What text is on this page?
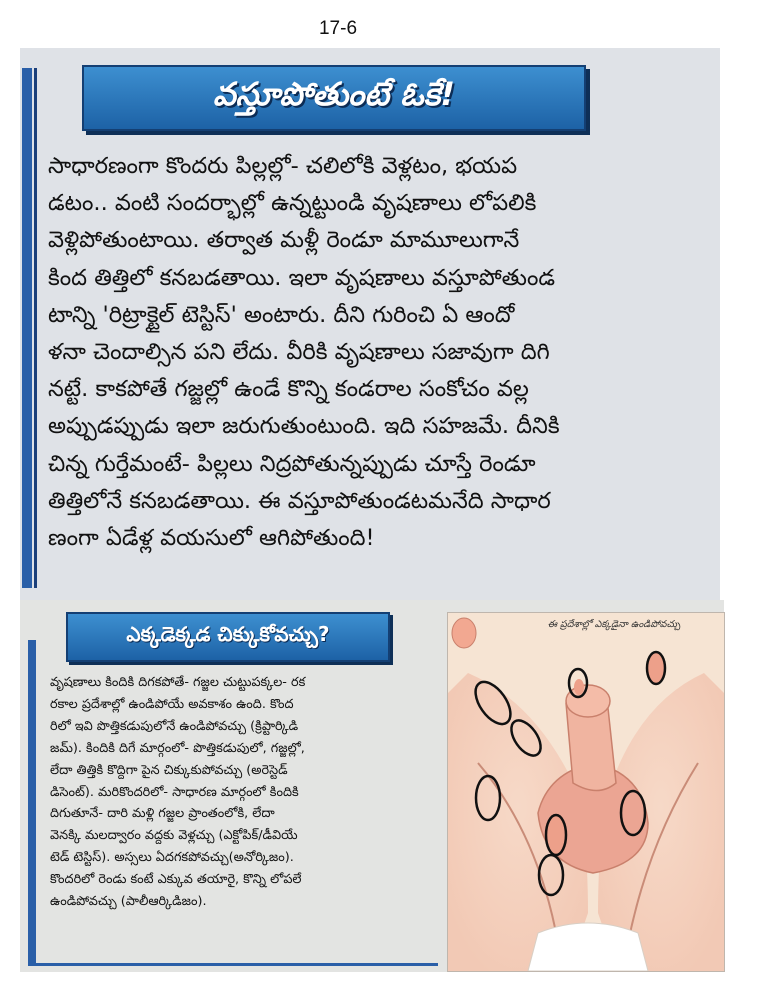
17-6
వస్తూపోతుంటే ఓకే!
సాధారణంగా కొందరు పిల్లల్లో- చలిలోకి వెళ్లటం, భయప
డటం.. వంటి సందర్భాల్లో ఉన్నట్టుండి వృషణాలు లోపలికి
వెళ్లిపోతుంటాయి. తర్వాత మళ్లీ రెండూ మామూలుగానే
కింద తిత్తిలో కనబడతాయి. ఇలా వృషణాలు వస్తూపోతుండ
టాన్ని 'రిట్రాక్టైల్ టెస్టిస్' అంటారు. దీని గురించి ఏ ఆందో
ళనా చెందాల్సిన పని లేదు. వీరికి వృషణాలు సజావుగా దిగి
నట్టే. కాకపోతే గజ్జల్లో ఉండే కొన్ని కండరాల సంకోచం వల్ల
అప్పుడప్పుడు ఇలా జరుగుతుంటుంది. ఇది సహజమే. దీనికి
చిన్న గుర్తేమంటే- పిల్లలు నిద్రపోతున్నప్పుడు చూస్తే రెండూ
తిత్తిలోనే కనబడతాయి. ఈ వస్తూపోతుండటమనేది సాధార
ణంగా ఏడేళ్ల వయసులో ఆగిపోతుంది!
ఎక్కడెక్కడ చిక్కుకోవచ్చు?
వృషణాలు కిందికి దిగకపోతే- గజ్జల చుట్టుపక్కల- రక
రకాల ప్రదేశాల్లో ఉండిపోయే అవకాశం ఉంది. కొంద
రిలో ఇవి పొత్తికడుపులోనే ఉండిపోవచ్చు (క్రిప్టార్కిడి
జమ్). కిందికి దిగే మార్గంలో- పొత్తికడుపులో, గజ్జల్లో,
లేదా తిత్తికి కొద్దిగా పైన చిక్కుకుపోవచ్చు (అరెస్టెడ్
డిసెంట్). మరికొందరిలో- సాధారణ మార్గంలో కిందికి
దిగుతూనే- దారి మళ్లి గజ్జల ప్రాంతంలోకి, లేదా
వెనక్కి మలద్వారం వద్దకు వెళ్లచ్చు (ఎక్టోపిక్/డీవియే
టెడ్ టెస్టిస్). అస్సలు ఏదగకపోవచ్చు(అనోర్కిజం).
కొందరిలో రెండు కంటే ఎక్కువ తయారై, కొన్ని లోపలే
ఉండిపోవచ్చు (పాలీఆర్కిడిజం).
ఈ ప్రదేశాల్లో ఎక్కడైనా ఉండిపోవచ్చు
